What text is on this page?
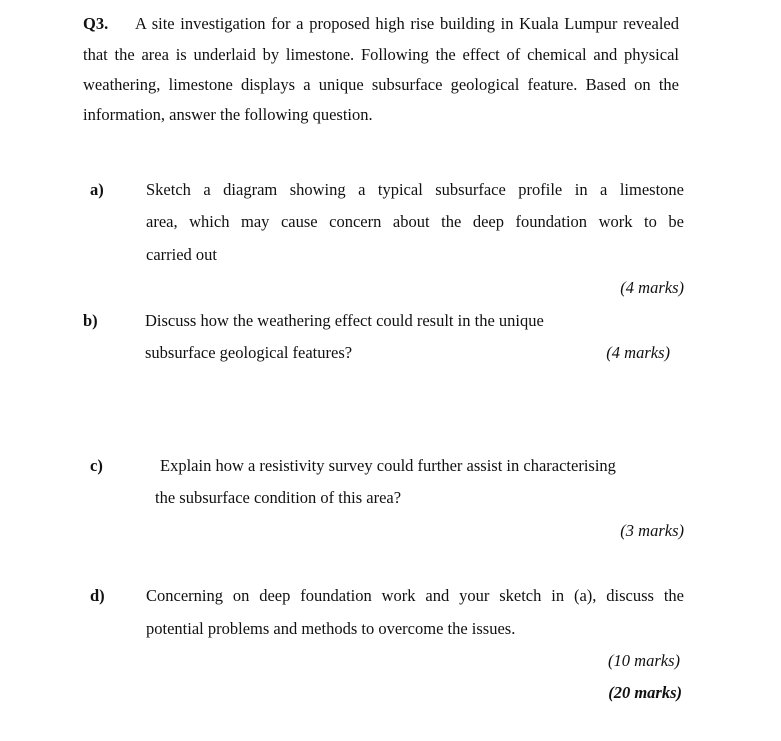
Q3. A site investigation for a proposed high rise building in Kuala Lumpur revealed
that the area is underlaid by limestone. Following the effect of chemical and physical
weathering, limestone displays a unique subsurface geological feature. Based on the
information, answer the following question.
a)	Sketch a diagram showing a typical subsurface profile in a limestone
area, which may cause concern about the deep foundation work to be
carried out
(4 marks)
b)	Discuss how the weathering effect could result in the unique
subsurface geological features?	(4 marks)
c)	Explain how a resistivity survey could further assist in characterising
the subsurface condition of this area?
(3 marks)
d)	Concerning on deep foundation work and your sketch in (a), discuss the
potential problems and methods to overcome the issues.
(10 marks)
(20 marks)
